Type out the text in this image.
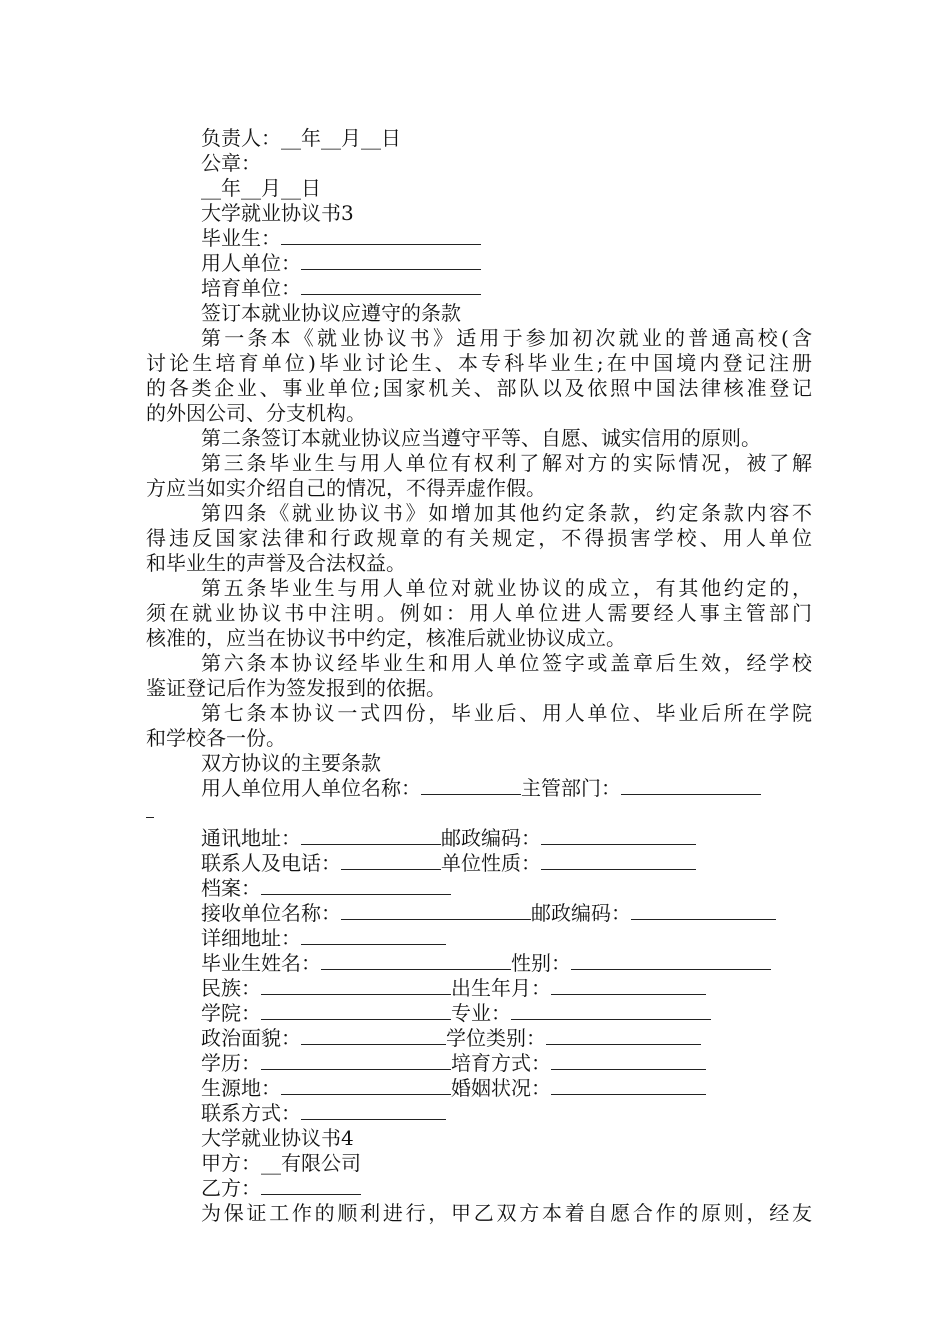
负责人：__年__月__日
公章：
__年__月__日
大学就业协议书3
毕业生：
用人单位：
培育单位：
签订本就业协议应遵守的条款
第一条本《就业协议书》适用于参加初次就业的普通高校(含
讨论生培育单位)毕业讨论生、本专科毕业生;在中国境内登记注册
的各类企业、事业单位;国家机关、部队以及依照中国法律核准登记
的外因公司、分支机构。
第二条签订本就业协议应当遵守平等、自愿、诚实信用的原则。
第三条毕业生与用人单位有权利了解对方的实际情况，被了解
方应当如实介绍自己的情况，不得弄虚作假。
第四条《就业协议书》如增加其他约定条款，约定条款内容不
得违反国家法律和行政规章的有关规定，不得损害学校、用人单位
和毕业生的声誉及合法权益。
第五条毕业生与用人单位对就业协议的成立，有其他约定的，
须在就业协议书中注明。例如：用人单位进人需要经人事主管部门
核准的，应当在协议书中约定，核准后就业协议成立。
第六条本协议经毕业生和用人单位签字或盖章后生效，经学校
鉴证登记后作为签发报到的依据。
第七条本协议一式四份，毕业后、用人单位、毕业后所在学院
和学校各一份。
双方协议的主要条款
用人单位用人单位名称：	主管部门：
通讯地址：	邮政编码：
联系人及电话：	单位性质：
档案：
接收单位名称：	邮政编码：
详细地址：
毕业生姓名：	性别：
民族：	出生年月：
学院：	专业：
政治面貌：	学位类别：
学历：	培育方式：
生源地：	婚姻状况：
联系方式：
大学就业协议书4
甲方：__有限公司
乙方：
为保证工作的顺利进行，甲乙双方本着自愿合作的原则，经友
